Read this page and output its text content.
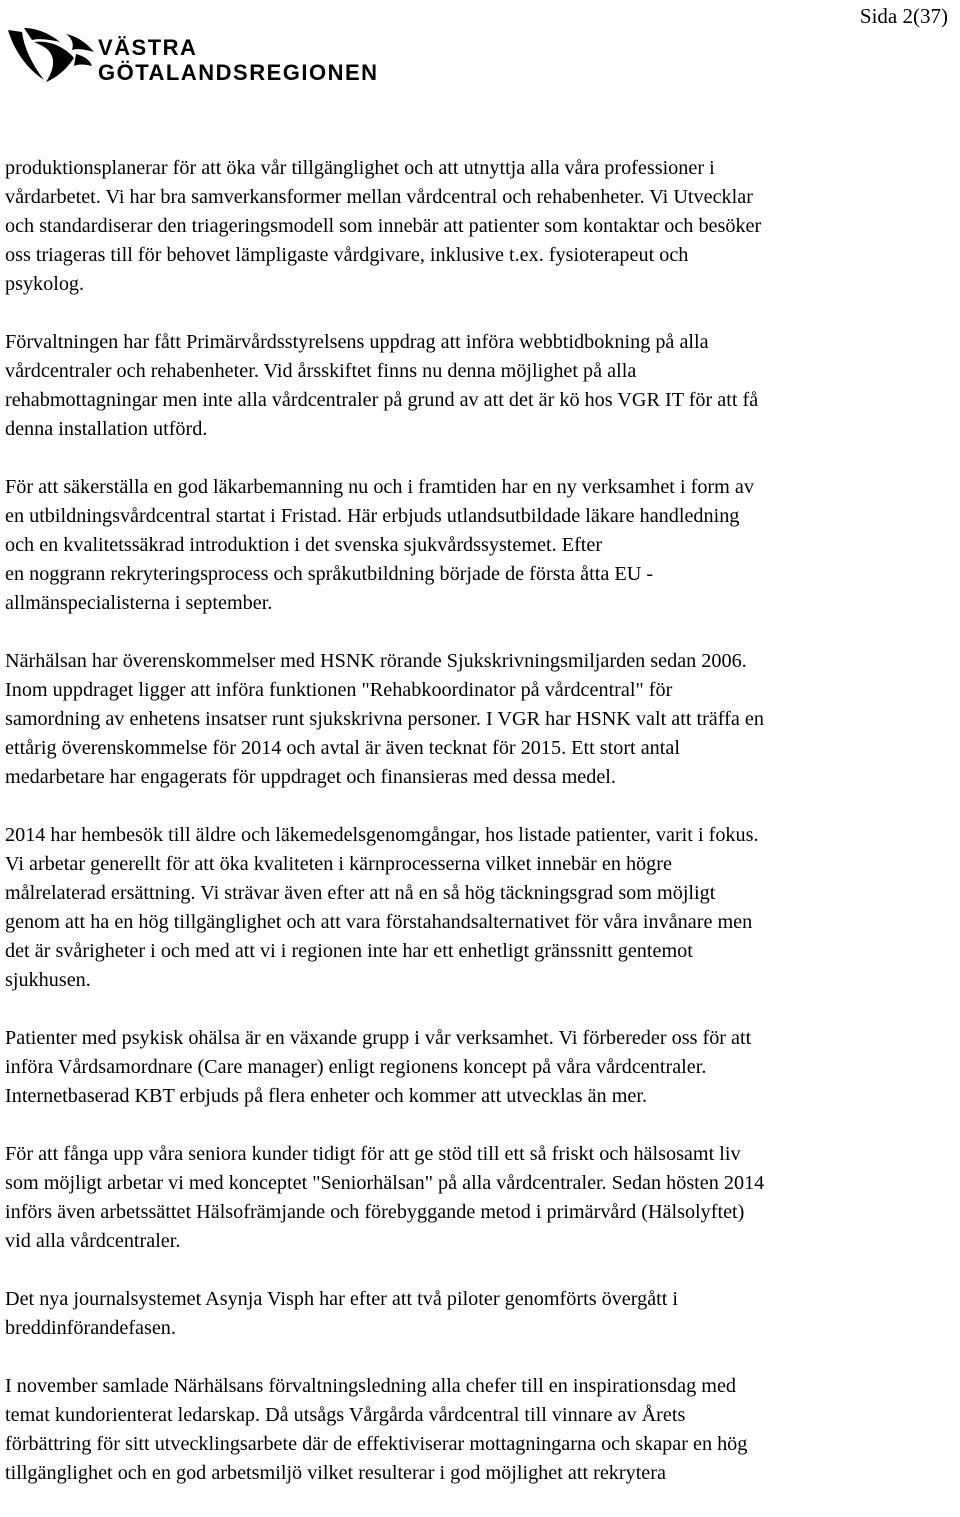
Sida 2(37)
VÄSTRA
GÖTALANDSREGIONEN

produktionsplanerar för att öka vår tillgänglighet och att utnyttja alla våra professioner i
vårdarbetet. Vi har bra samverkansformer mellan vårdcentral och rehabenheter. Vi Utvecklar
och standardiserar den triageringsmodell som innebär att patienter som kontaktar och besöker
oss triageras till för behovet lämpligaste vårdgivare, inklusive t.ex. fysioterapeut och
psykolog.

Förvaltningen har fått Primärvårdsstyrelsens uppdrag att införa webbtidbokning på alla
vårdcentraler och rehabenheter. Vid årsskiftet finns nu denna möjlighet på alla
rehabmottagningar men inte alla vårdcentraler på grund av att det är kö hos VGR IT för att få
denna installation utförd.

För att säkerställa en god läkarbemanning nu och i framtiden har en ny verksamhet i form av
en utbildningsvårdcentral startat i Fristad. Här erbjuds utlandsutbildade läkare handledning
och en kvalitetssäkrad introduktion i det svenska sjukvårdssystemet. Efter
en noggrann rekryteringsprocess och språkutbildning började de första åtta EU -
allmänspecialisterna i september.

Närhälsan har överenskommelser med HSNK rörande Sjukskrivningsmiljarden sedan 2006.
Inom uppdraget ligger att införa funktionen "Rehabkoordinator på vårdcentral" för
samordning av enhetens insatser runt sjukskrivna personer. I VGR har HSNK valt att träffa en
ettårig överenskommelse för 2014 och avtal är även tecknat för 2015. Ett stort antal
medarbetare har engagerats för uppdraget och finansieras med dessa medel.

2014 har hembesök till äldre och läkemedelsgenomgångar, hos listade patienter, varit i fokus.
Vi arbetar generellt för att öka kvaliteten i kärnprocesserna vilket innebär en högre
målrelaterad ersättning. Vi strävar även efter att nå en så hög täckningsgrad som möjligt
genom att ha en hög tillgänglighet och att vara förstahandsalternativet för våra invånare men
det är svårigheter i och med att vi i regionen inte har ett enhetligt gränssnitt gentemot
sjukhusen.

Patienter med psykisk ohälsa är en växande grupp i vår verksamhet. Vi förbereder oss för att
införa Vårdsamordnare (Care manager) enligt regionens koncept på våra vårdcentraler.
Internetbaserad KBT erbjuds på flera enheter och kommer att utvecklas än mer.

För att fånga upp våra seniora kunder tidigt för att ge stöd till ett så friskt och hälsosamt liv
som möjligt arbetar vi med konceptet "Seniorhälsan" på alla vårdcentraler. Sedan hösten 2014
införs även arbetssättet Hälsofrämjande och förebyggande metod i primärvård (Hälsolyftet)
vid alla vårdcentraler.

Det nya journalsystemet Asynja Visph har efter att två piloter genomförts övergått i
breddinförandefasen.

I november samlade Närhälsans förvaltningsledning alla chefer till en inspirationsdag med
temat kundorienterat ledarskap. Då utsågs Vårgårda vårdcentral till vinnare av Årets
förbättring för sitt utvecklingsarbete där de effektiviserar mottagningarna och skapar en hög
tillgänglighet och en god arbetsmiljö vilket resulterar i god möjlighet att rekrytera
